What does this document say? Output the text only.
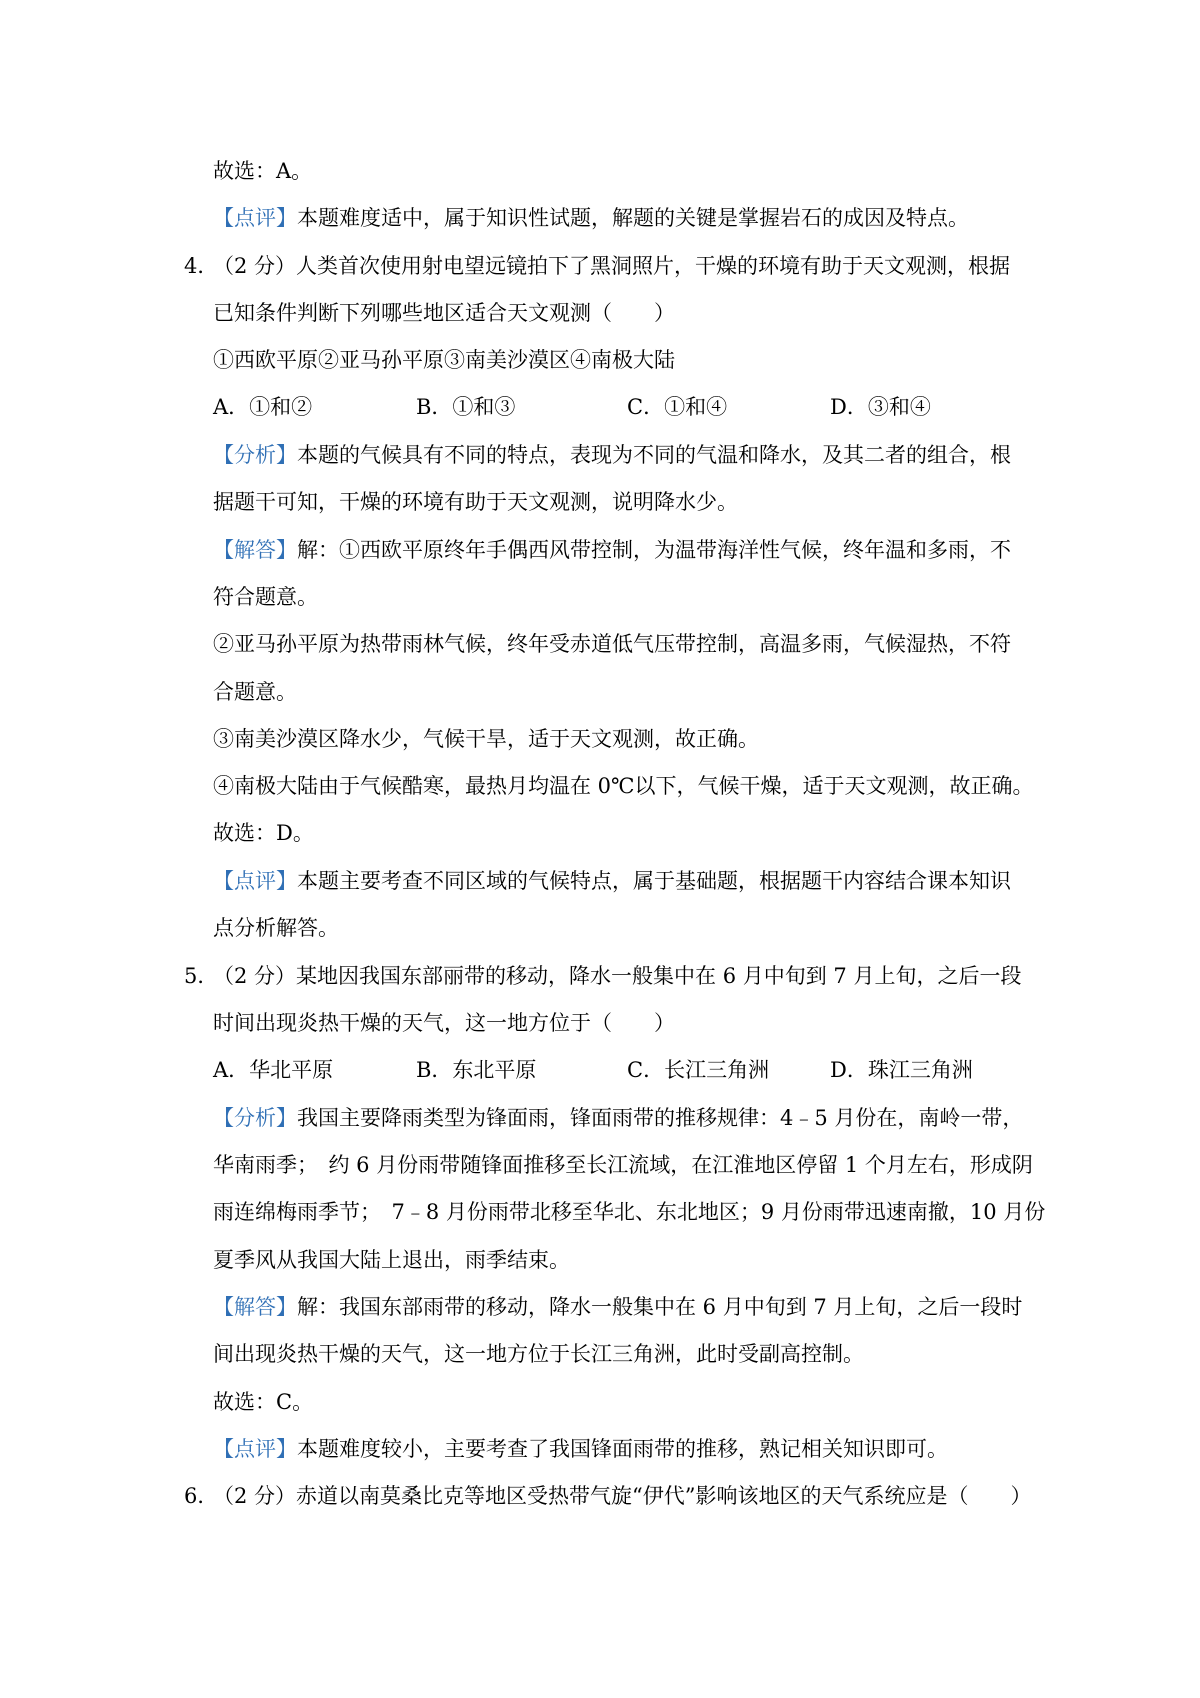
故选：A。
【点评】本题难度适中，属于知识性试题，解题的关键是掌握岩石的成因及特点。
4．
（2 分）人类首次使用射电望远镜拍下了黑洞照片，干燥的环境有助于天文观测，根据
已知条件判断下列哪些地区适合天文观测（　　）
①西欧平原②亚马孙平原③南美沙漠区④南极大陆
A．①和②	B．①和③	C．①和④	D．③和④
【分析】本题的气候具有不同的特点，表现为不同的气温和降水，及其二者的组合，根
据题干可知，干燥的环境有助于天文观测，说明降水少。
【解答】解：①西欧平原终年手偶西风带控制，为温带海洋性气候，终年温和多雨，不
符合题意。
②亚马孙平原为热带雨林气候，终年受赤道低气压带控制，高温多雨，气候湿热，不符
合题意。
③南美沙漠区降水少，气候干旱，适于天文观测，故正确。
④南极大陆由于气候酷寒，最热月均温在 0℃以下，气候干燥，适于天文观测，故正确。
故选：D。
【点评】本题主要考查不同区域的气候特点，属于基础题，根据题干内容结合课本知识
点分析解答。
5．
（2 分）某地因我国东部丽带的移动，降水一般集中在 6 月中旬到 7 月上旬，之后一段
时间出现炎热干燥的天气，这一地方位于（　　）
A．华北平原	B．东北平原	C．长江三角洲	D．珠江三角洲
【分析】我国主要降雨类型为锋面雨，锋面雨带的推移规律：4﹣5 月份在，南岭一带，
华南雨季；　约 6 月份雨带随锋面推移至长江流域，在江淮地区停留 1 个月左右，形成阴
雨连绵梅雨季节；　7﹣8 月份雨带北移至华北、东北地区；9 月份雨带迅速南撤，10 月份
夏季风从我国大陆上退出，雨季结束。
【解答】解：我国东部雨带的移动，降水一般集中在 6 月中旬到 7 月上旬，之后一段时
间出现炎热干燥的天气，这一地方位于长江三角洲，此时受副高控制。
故选：C。
【点评】本题难度较小，主要考查了我国锋面雨带的推移，熟记相关知识即可。
6．
（2 分）赤道以南莫桑比克等地区受热带气旋“伊代”影响该地区的天气系统应是（　　）
